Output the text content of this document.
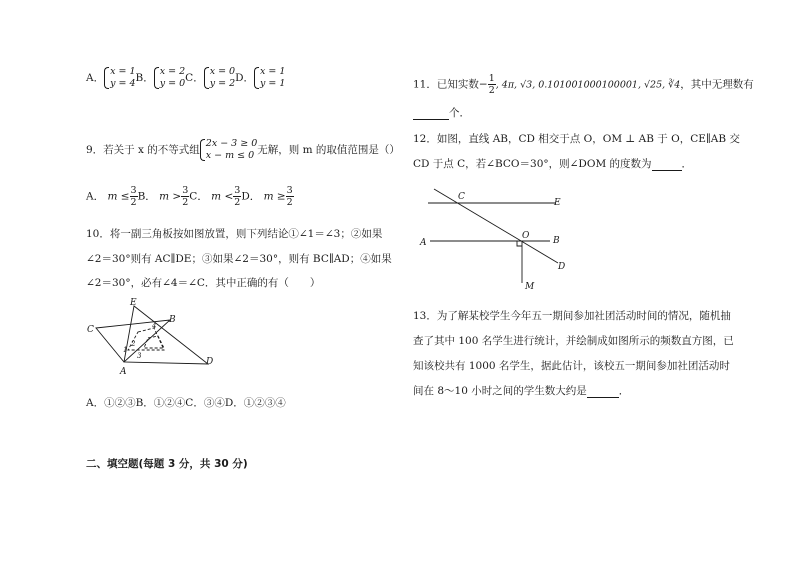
A．x = 1
y = 4B．x = 2
y = 0C．x = 0
y = 2D．x = 1
y = 1
9．若关于 x 的不等式组2x − 3 ≥ 0
x − m ≤ 0 无解，则 m 的取值范围是（）
A． $m \le \frac{3}{2}$ B． $m > \frac{3}{2}$ C． $m < \frac{3}{2}$ D． $m \ge \frac{3}{2}$
10．将一副三角板按如图放置，则下列结论①∠1＝∠3；②如果
∠2＝30°则有 AC∥DE；③如果∠2＝30°，则有 BC∥AD；④如果
∠2＝30°，必有∠4＝∠C．其中正确的有（　　）
C
E
B
D
A
1
2
3
4
A．①②③B．①②④C．③④D．①②③④
二、填空题(每题 3 分，共 30 分)
11．已知实数− $\frac{1}{2}$ , 4π, √3, 0.101001000100001, √25, ∛4，其中无理数有
个．
12．如图，直线 AB，CD 相交于点 O，OM ⊥ AB 于 O，CE∥AB 交
CD 于点 C，若∠BCO＝30°，则∠DOM 的度数为	．
C
E
A
O	B
D
M
13．为了解某校学生今年五一期间参加社团活动时间的情况，随机抽
查了其中 100 名学生进行统计，并绘制成如图所示的频数直方图，已
知该校共有 1000 名学生，据此估计，该校五一期间参加社团活动时
间在 8～10 小时之间的学生数大约是	．
